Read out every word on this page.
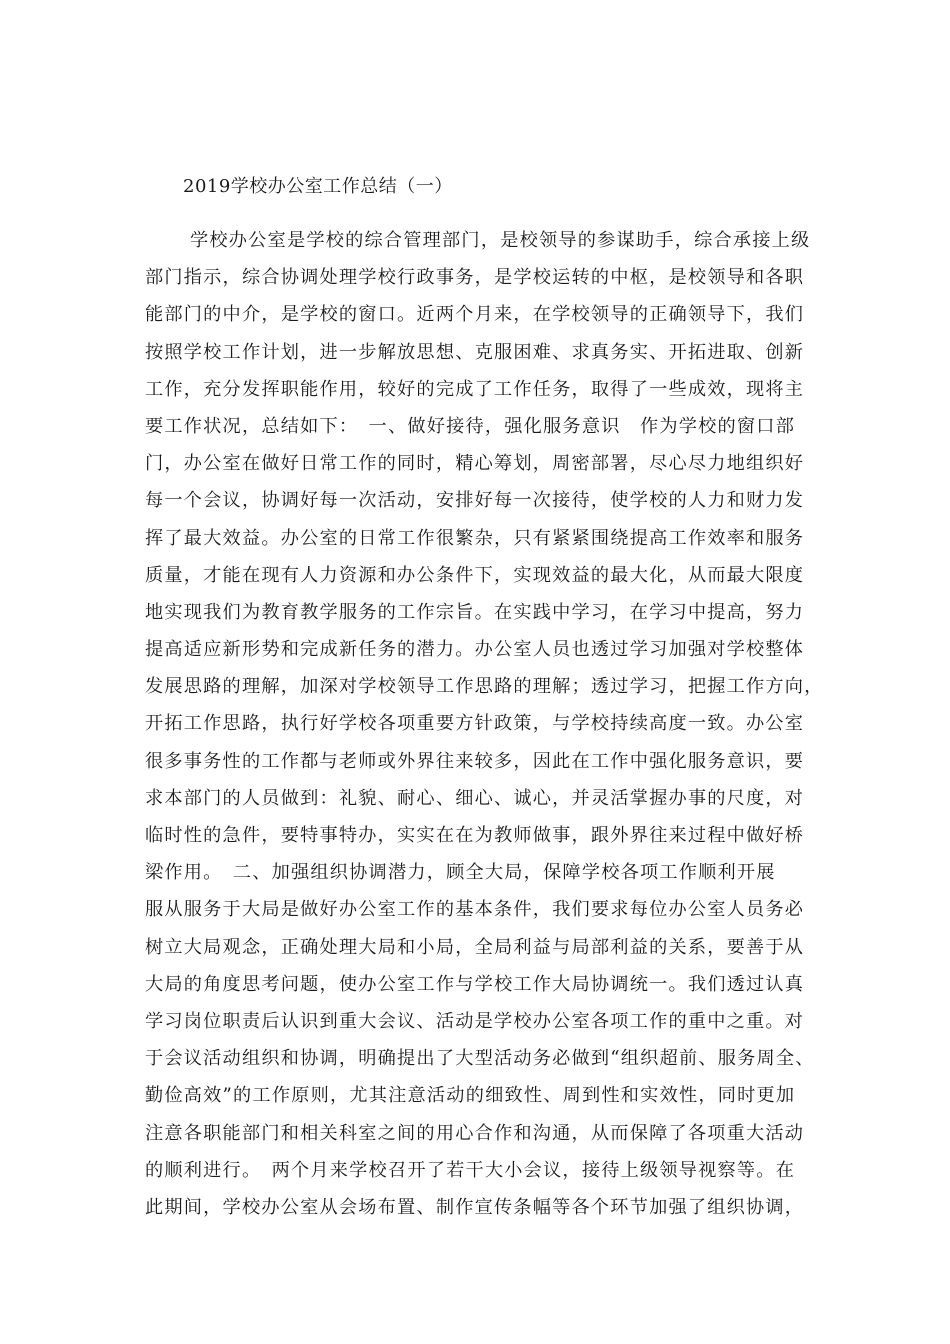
2019学校办公室工作总结（一）
学校办公室是学校的综合管理部门，是校领导的参谋助手，综合承接上级
部门指示，综合协调处理学校行政事务，是学校运转的中枢，是校领导和各职
能部门的中介，是学校的窗口。近两个月来，在学校领导的正确领导下，我们
按照学校工作计划，进一步解放思想、克服困难、求真务实、开拓进取、创新
工作，充分发挥职能作用，较好的完成了工作任务，取得了一些成效，现将主
要工作状况，总结如下：　一、做好接待，强化服务意识　作为学校的窗口部
门，办公室在做好日常工作的同时，精心筹划，周密部署，尽心尽力地组织好
每一个会议，协调好每一次活动，安排好每一次接待，使学校的人力和财力发
挥了最大效益。办公室的日常工作很繁杂，只有紧紧围绕提高工作效率和服务
质量，才能在现有人力资源和办公条件下，实现效益的最大化，从而最大限度
地实现我们为教育教学服务的工作宗旨。在实践中学习，在学习中提高，努力
提高适应新形势和完成新任务的潜力。办公室人员也透过学习加强对学校整体
发展思路的理解，加深对学校领导工作思路的理解；透过学习，把握工作方向，
开拓工作思路，执行好学校各项重要方针政策，与学校持续高度一致。办公室
很多事务性的工作都与老师或外界往来较多，因此在工作中强化服务意识，要
求本部门的人员做到：礼貌、耐心、细心、诚心，并灵活掌握办事的尺度，对
临时性的急件，要特事特办，实实在在为教师做事，跟外界往来过程中做好桥
梁作用。　二、加强组织协调潜力，顾全大局，保障学校各项工作顺利开展
服从服务于大局是做好办公室工作的基本条件，我们要求每位办公室人员务必
树立大局观念，正确处理大局和小局，全局利益与局部利益的关系，要善于从
大局的角度思考问题，使办公室工作与学校工作大局协调统一。我们透过认真
学习岗位职责后认识到重大会议、活动是学校办公室各项工作的重中之重。对
于会议活动组织和协调，明确提出了大型活动务必做到“组织超前、服务周全、
勤俭高效”的工作原则，尤其注意活动的细致性、周到性和实效性，同时更加
注意各职能部门和相关科室之间的用心合作和沟通，从而保障了各项重大活动
的顺利进行。　两个月来学校召开了若干大小会议，接待上级领导视察等。在
此期间，学校办公室从会场布置、制作宣传条幅等各个环节加强了组织协调，
